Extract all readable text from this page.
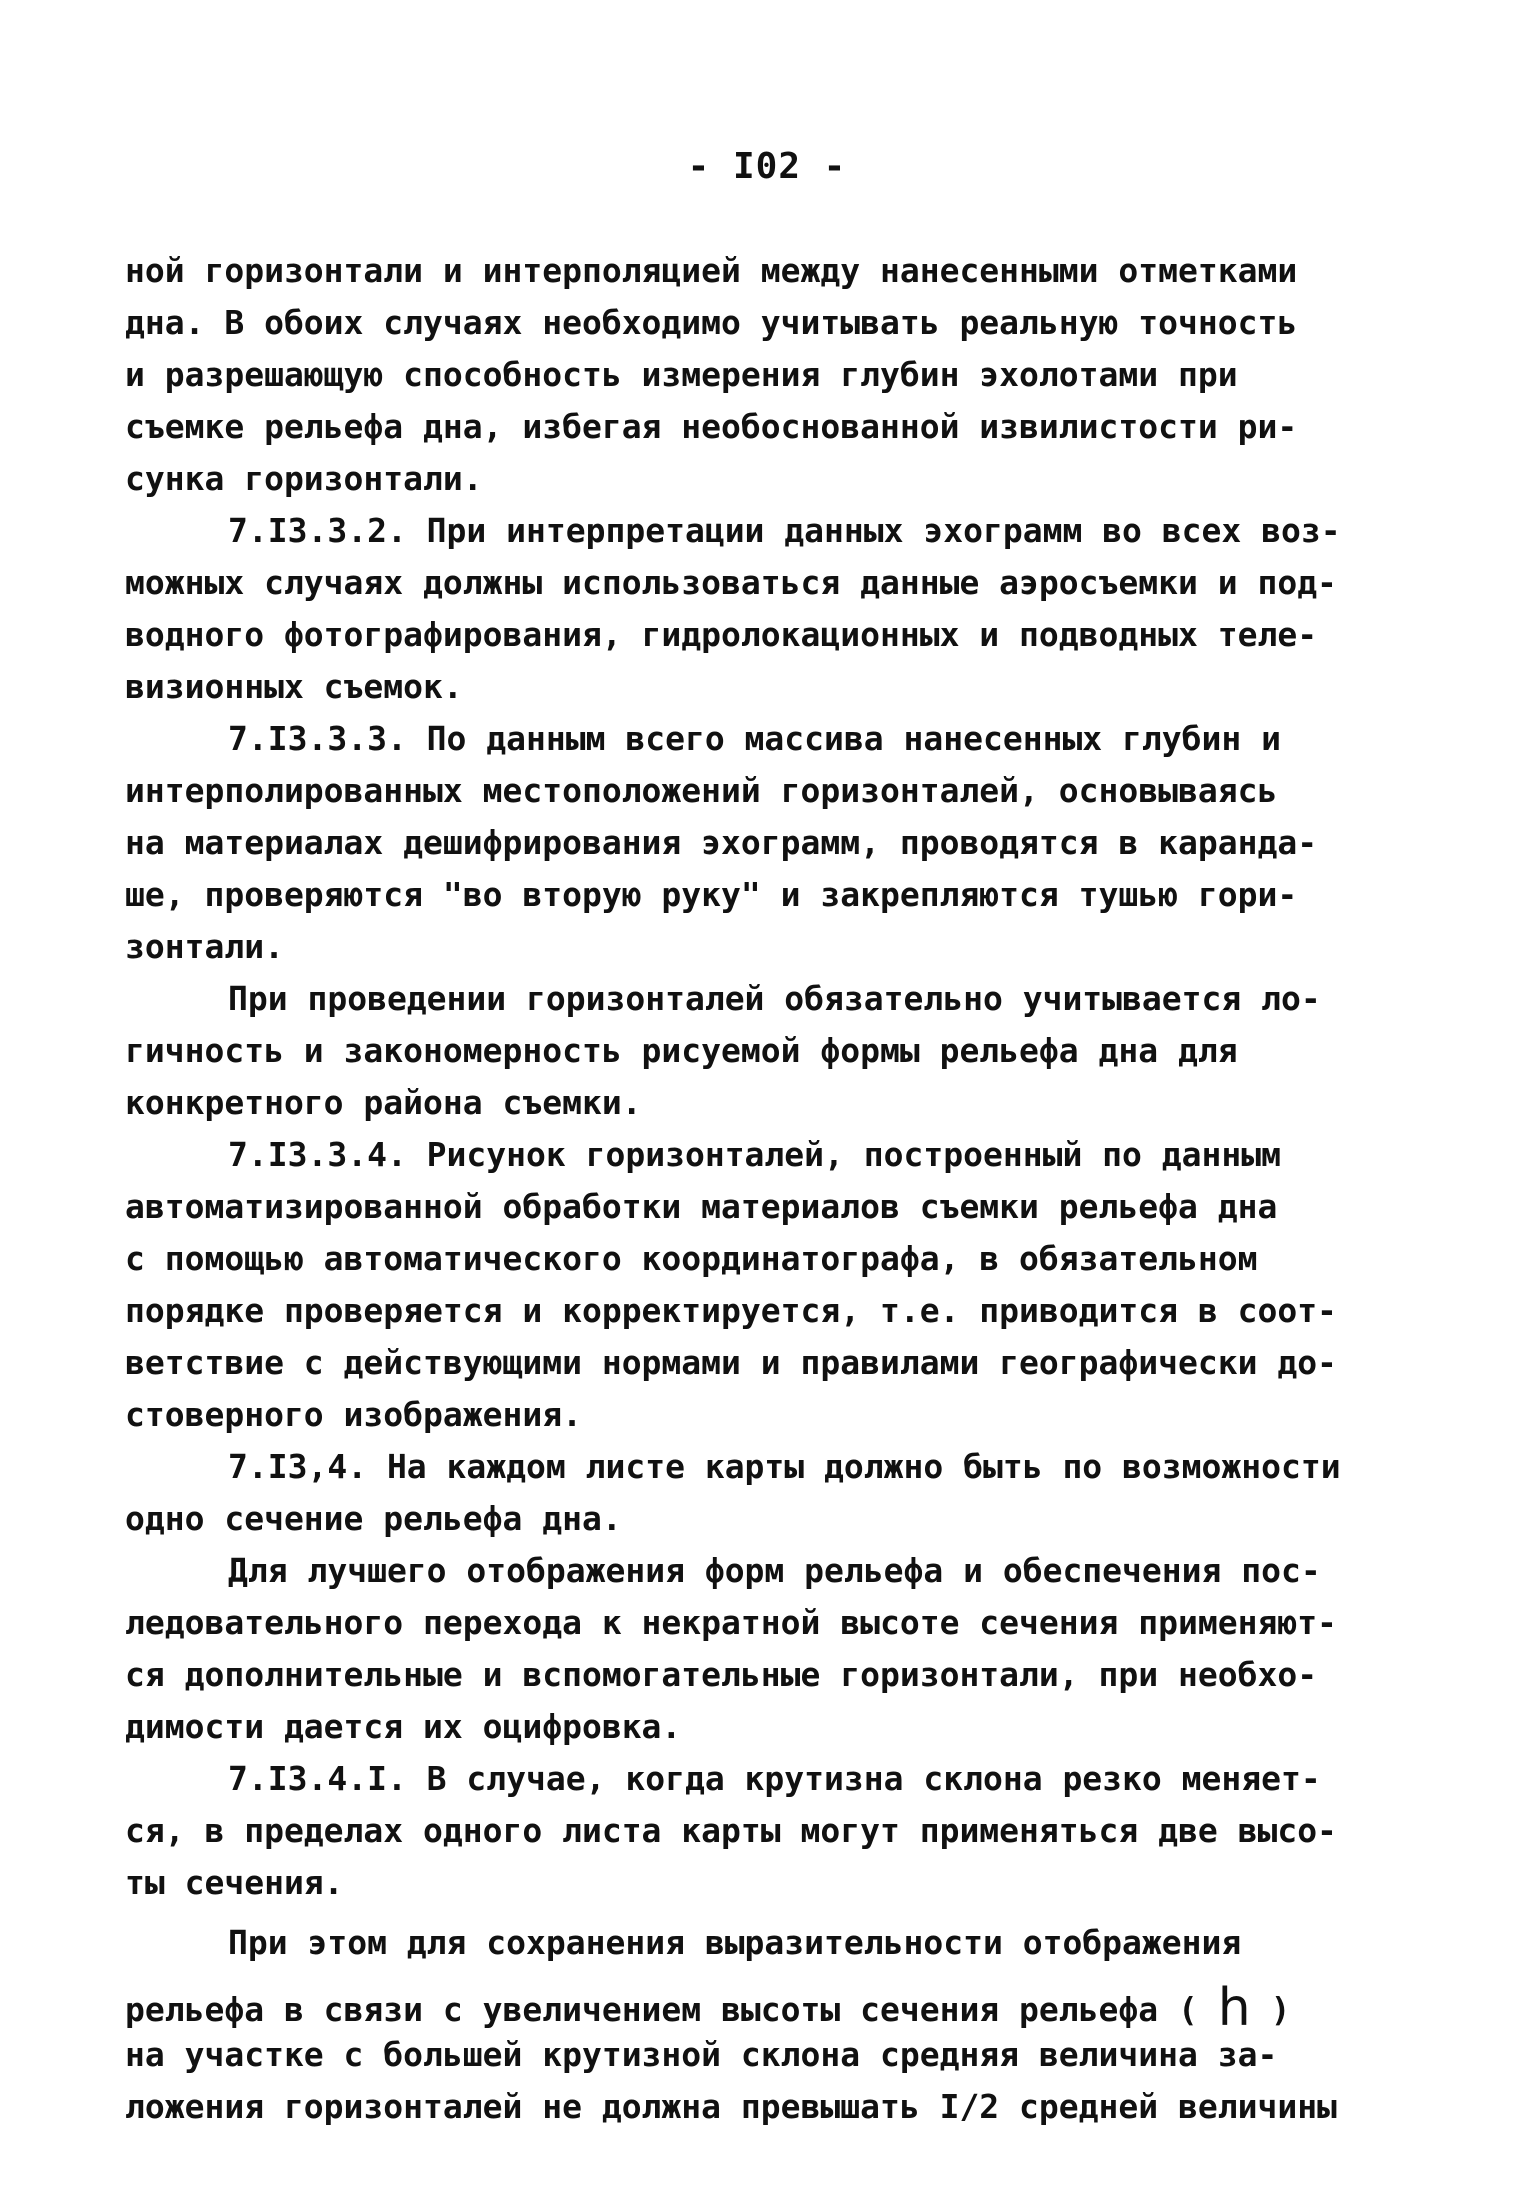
- I02 -
ной горизонтали и интерполяцией между нанесенными отметками
дна. В обоих случаях необходимо учитывать реальную точность
и разрешающую способность измерения глубин эхолотами при
съемке рельефа дна, избегая необоснованной извилистости ри-
сунка горизонтали.
7.I3.3.2. При интерпретации данных эхограмм во всех воз-
можных случаях должны использоваться данные аэросъемки и под-
водного фотографирования, гидролокационных и подводных теле-
визионных съемок.
7.I3.3.3. По данным всего массива нанесенных глубин и
интерполированных местоположений горизонталей, основываясь
на материалах дешифрирования эхограмм, проводятся в каранда-
ше, проверяются "во вторую руку" и закрепляются тушью гори-
зонтали.
При проведении горизонталей обязательно учитывается ло-
гичность и закономерность рисуемой формы рельефа дна для
конкретного района съемки.
7.I3.3.4. Рисунок горизонталей, построенный по данным
автоматизированной обработки материалов съемки рельефа дна
с помощью автоматического координатографа, в обязательном
порядке проверяется и корректируется, т.е. приводится в соот-
ветствие с действующими нормами и правилами географически до-
стоверного изображения.
7.I3,4. На каждом листе карты должно быть по возможности
одно сечение рельефа дна.
Для лучшего отображения форм рельефа и обеспечения пос-
ледовательного перехода к некратной высоте сечения применяют-
ся дополнительные и вспомогательные горизонтали, при необхо-
димости дается их оцифровка.
7.I3.4.I. В случае, когда крутизна склона резко меняет-
ся, в пределах одного листа карты могут применяться две высо-
ты сечения.
При этом для сохранения выразительности отображения
рельефа в связи с увеличением высоты сечения рельефа ( h )
на участке с большей крутизной склона средняя величина за-
ложения горизонталей не должна превышать I/2 средней величины
